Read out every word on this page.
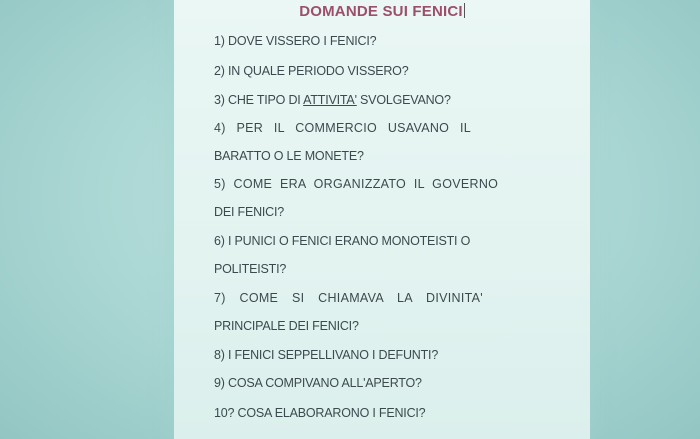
DOMANDE SUI FENICI

1) DOVE VISSERO I FENICI?

2) IN QUALE PERIODO VISSERO?

3) CHE TIPO DI ATTIVITA' SVOLGEVANO?

4) PER IL COMMERCIO USAVANO IL

BARATTO O LE MONETE?

5) COME ERA ORGANIZZATO IL GOVERNO

DEI FENICI?

6) I PUNICI O FENICI ERANO MONOTEISTI O

POLITEISTI?

7) COME SI CHIAMAVA LA DIVINITA'

PRINCIPALE DEI FENICI?

8) I FENICI SEPPELLIVANO I DEFUNTI?

9) COSA COMPIVANO ALL'APERTO?

10? COSA ELABORARONO I FENICI?
